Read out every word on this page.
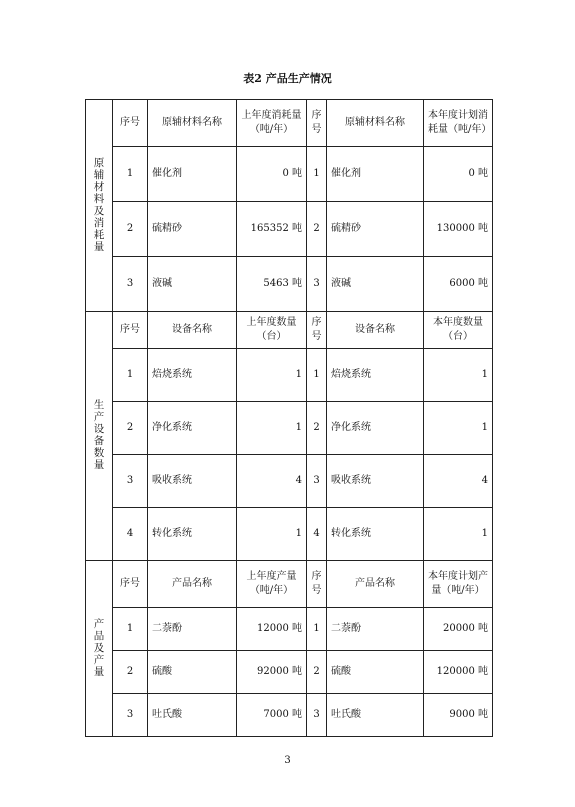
表2 产品生产情况
原辅材料及消耗量	序号	原辅材料名称	上年度消耗量（吨/年）	序号	原辅材料名称	本年度计划消耗量（吨/年）
	1	催化剂	0 吨	1	催化剂	0 吨
	2	硫精砂	165352 吨	2	硫精砂	130000 吨
	3	液碱	5463 吨	3	液碱	6000 吨
生产设备数量	序号	设备名称	上年度数量（台）	序号	设备名称	本年度数量（台）
	1	焙烧系统	1	1	焙烧系统	1
	2	净化系统	1	2	净化系统	1
	3	吸收系统	4	3	吸收系统	4
	4	转化系统	1	4	转化系统	1
产品及产量	序号	产品名称	上年度产量（吨/年）	序号	产品名称	本年度计划产量（吨/年）
	1	二萘酚	12000 吨	1	二萘酚	20000 吨
	2	硫酸	92000 吨	2	硫酸	120000 吨
	3	吐氏酸	7000 吨	3	吐氏酸	9000 吨
3
